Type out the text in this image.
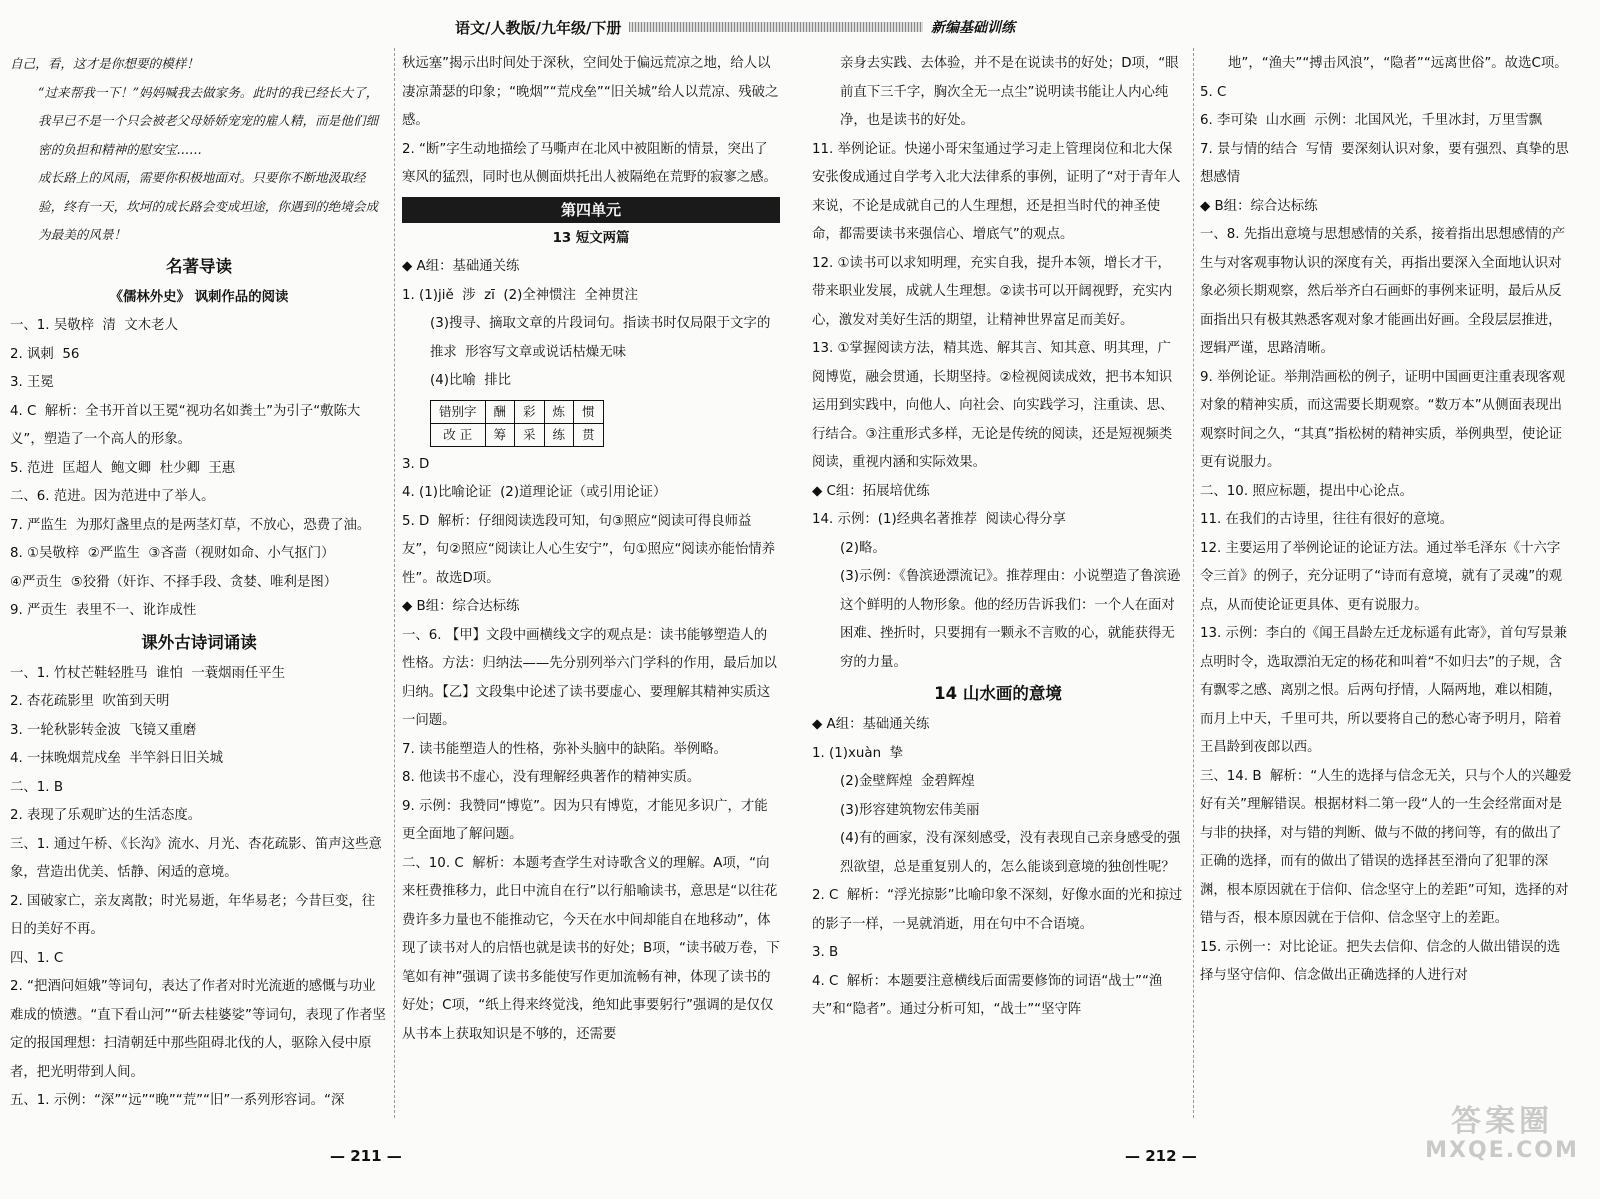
语文/人教版/九年级/下册	新编基础训练

自己，看，这才是你想要的模样！

“过来帮我一下！”妈妈喊我去做家务。此时的我已经长大了，我早已不是一个只会被老父母娇娇宠宠的雇人精，而是他们细密的负担和精神的慰安宝……

成长路上的风雨，需要你积极地面对。只要你不断地汲取经验，终有一天，坎坷的成长路会变成坦途，你遇到的绝境会成为最美的风景！

名著导读
《儒林外史》 讽刺作品的阅读

一、1. 吴敬梓  清  文木老人

2. 讽刺  56

3. 王冕

4. C  解析：全书开首以王冕“视功名如粪土”为引子“敷陈大义”，塑造了一个高人的形象。

5. 范进  匡超人  鲍文卿  杜少卿  王惠

二、6. 范进。因为范进中了举人。

7. 严监生  为那灯盏里点的是两茎灯草，不放心，恐费了油。

8. ①吴敬梓  ②严监生  ③吝啬（视财如命、小气抠门）

④严贡生  ⑤狡猾（奸诈、不择手段、贪婪、唯利是图）

9. 严贡生  表里不一、讹诈成性

课外古诗词诵读

一、1. 竹杖芒鞋轻胜马  谁怕  一蓑烟雨任平生

2. 杏花疏影里  吹笛到天明

3. 一轮秋影转金波  飞镜又重磨

4. 一抹晚烟荒戍垒  半竿斜日旧关城

二、1. B

2. 表现了乐观旷达的生活态度。

三、1. 通过午桥、《长沟》流水、月光、杏花疏影、笛声这些意象，营造出优美、恬静、闲适的意境。

2. 国破家亡，亲友离散；时光易逝，年华易老；今昔巨变，往日的美好不再。

四、1. C

2. “把酒问姮娥”等词句，表达了作者对时光流逝的感慨与功业难成的愤懑。“直下看山河”“斫去桂婆娑”等词句，表现了作者坚定的报国理想：扫清朝廷中那些阻碍北伐的人，驱除入侵中原者，把光明带到人间。

五、1. 示例：“深”“远”“晚”“荒”“旧”一系列形容词。“深

秋远塞”揭示出时间处于深秋，空间处于偏远荒凉之地，给人以凄凉萧瑟的印象；“晚烟”“荒戍垒”“旧关城”给人以荒凉、残破之感。

2. “断”字生动地描绘了马嘶声在北风中被阻断的情景，突出了寒风的猛烈，同时也从侧面烘托出人被隔绝在荒野的寂寥之感。

第四单元
13 短文两篇

◆ A组：基础通关练

1. (1)jiě  涉  zī  (2)全神惯注  全神贯注

(3)搜寻、摘取文章的片段词句。指读书时仅局限于文字的推求  形容写文章或说话枯燥无味

(4)比喻  排比

错别字	酬	彩	炼	惯
改 正	筹	采	练	贯

3. D

4. (1)比喻论证  (2)道理论证（或引用论证）

5. D  解析：仔细阅读选段可知，句③照应“阅读可得良师益友”，句②照应“阅读让人心生安宁”，句①照应“阅读亦能怡情养性”。故选D项。

◆ B组：综合达标练

一、6. 【甲】文段中画横线文字的观点是：读书能够塑造人的性格。方法：归纳法——先分别列举六门学科的作用，最后加以归纳。【乙】文段集中论述了读书要虚心、要理解其精神实质这一问题。

7. 读书能塑造人的性格，弥补头脑中的缺陷。举例略。

8. 他读书不虚心，没有理解经典著作的精神实质。

9. 示例：我赞同“博览”。因为只有博览，才能见多识广，才能更全面地了解问题。

二、10. C  解析：本题考查学生对诗歌含义的理解。A项，“向来枉费推移力，此日中流自在行”以行船喻读书，意思是“以往花费许多力量也不能推动它，今天在水中间却能自在地移动”，体现了读书对人的启悟也就是读书的好处；B项，“读书破万卷，下笔如有神”强调了读书多能使写作更加流畅有神，体现了读书的好处；C项，“纸上得来终觉浅，绝知此事要躬行”强调的是仅仅从书本上获取知识是不够的，还需要

— 211 —

亲身去实践、去体验，并不是在说读书的好处；D项，“眼前直下三千字，胸次全无一点尘”说明读书能让人内心纯净，也是读书的好处。

11. 举例论证。快递小哥宋玺通过学习走上管理岗位和北大保安张俊成通过自学考入北大法律系的事例，证明了“对于青年人来说，不论是成就自己的人生理想，还是担当时代的神圣使命，都需要读书来强信心、增底气”的观点。

12. ①读书可以求知明理，充实自我，提升本领，增长才干，带来职业发展，成就人生理想。②读书可以开阔视野，充实内心，激发对美好生活的期望，让精神世界富足而美好。

13. ①掌握阅读方法，精其选、解其言、知其意、明其理，广阅博览，融会贯通，长期坚持。②检视阅读成效，把书本知识运用到实践中，向他人、向社会、向实践学习，注重读、思、行结合。③注重形式多样，无论是传统的阅读，还是短视频类阅读，重视内涵和实际效果。

◆ C组：拓展培优练

14. 示例：(1)经典名著推荐  阅读心得分享

(2)略。

(3)示例：《鲁滨逊漂流记》。推荐理由：小说塑造了鲁滨逊这个鲜明的人物形象。他的经历告诉我们：一个人在面对困难、挫折时，只要拥有一颗永不言败的心，就能获得无穷的力量。

14 山水画的意境

◆ A组：基础通关练

1. (1)xuàn  挚

(2)金壁辉煌  金碧辉煌

(3)形容建筑物宏伟美丽

(4)有的画家，没有深刻感受，没有表现自己亲身感受的强烈欲望，总是重复别人的，怎么能谈到意境的独创性呢？

2. C  解析：“浮光掠影”比喻印象不深刻，好像水面的光和掠过的影子一样，一晃就消逝，用在句中不合语境。

3. B

4. C  解析：本题要注意横线后面需要修饰的词语“战士”“渔夫”和“隐者”。通过分析可知，“战士”“坚守阵

地”，“渔夫”“搏击风浪”，“隐者”“远离世俗”。故选C项。

5. C

6. 李可染  山水画  示例：北国风光，千里冰封，万里雪飘

7. 景与情的结合  写情  要深刻认识对象，要有强烈、真挚的思想感情

◆ B组：综合达标练

一、8. 先指出意境与思想感情的关系，接着指出思想感情的产生与对客观事物认识的深度有关，再指出要深入全面地认识对象必须长期观察，然后举齐白石画虾的事例来证明，最后从反面指出只有极其熟悉客观对象才能画出好画。全段层层推进，逻辑严谨，思路清晰。

9. 举例论证。举荆浩画松的例子，证明中国画更注重表现客观对象的精神实质，而这需要长期观察。“数万本”从侧面表现出观察时间之久，“其真”指松树的精神实质，举例典型，使论证更有说服力。

二、10. 照应标题，提出中心论点。

11. 在我们的古诗里，往往有很好的意境。

12. 主要运用了举例论证的论证方法。通过举毛泽东《十六字令三首》的例子，充分证明了“诗而有意境，就有了灵魂”的观点，从而使论证更具体、更有说服力。

13. 示例：李白的《闻王昌龄左迁龙标遥有此寄》，首句写景兼点明时令，选取漂泊无定的杨花和叫着“不如归去”的子规，含有飘零之感、离别之恨。后两句抒情，人隔两地，难以相随，而月上中天，千里可共，所以要将自己的愁心寄予明月，陪着王昌龄到夜郎以西。

三、14. B  解析：“人生的选择与信念无关，只与个人的兴趣爱好有关”理解错误。根据材料二第一段“人的一生会经常面对是与非的抉择，对与错的判断、做与不做的拷问等，有的做出了正确的选择，而有的做出了错误的选择甚至滑向了犯罪的深渊，根本原因就在于信仰、信念坚守上的差距”可知，选择的对错与否，根本原因就在于信仰、信念坚守上的差距。

15. 示例一：对比论证。把失去信仰、信念的人做出错误的选择与坚守信仰、信念做出正确选择的人进行对

— 212 —
答案圈
MXQE.COM
